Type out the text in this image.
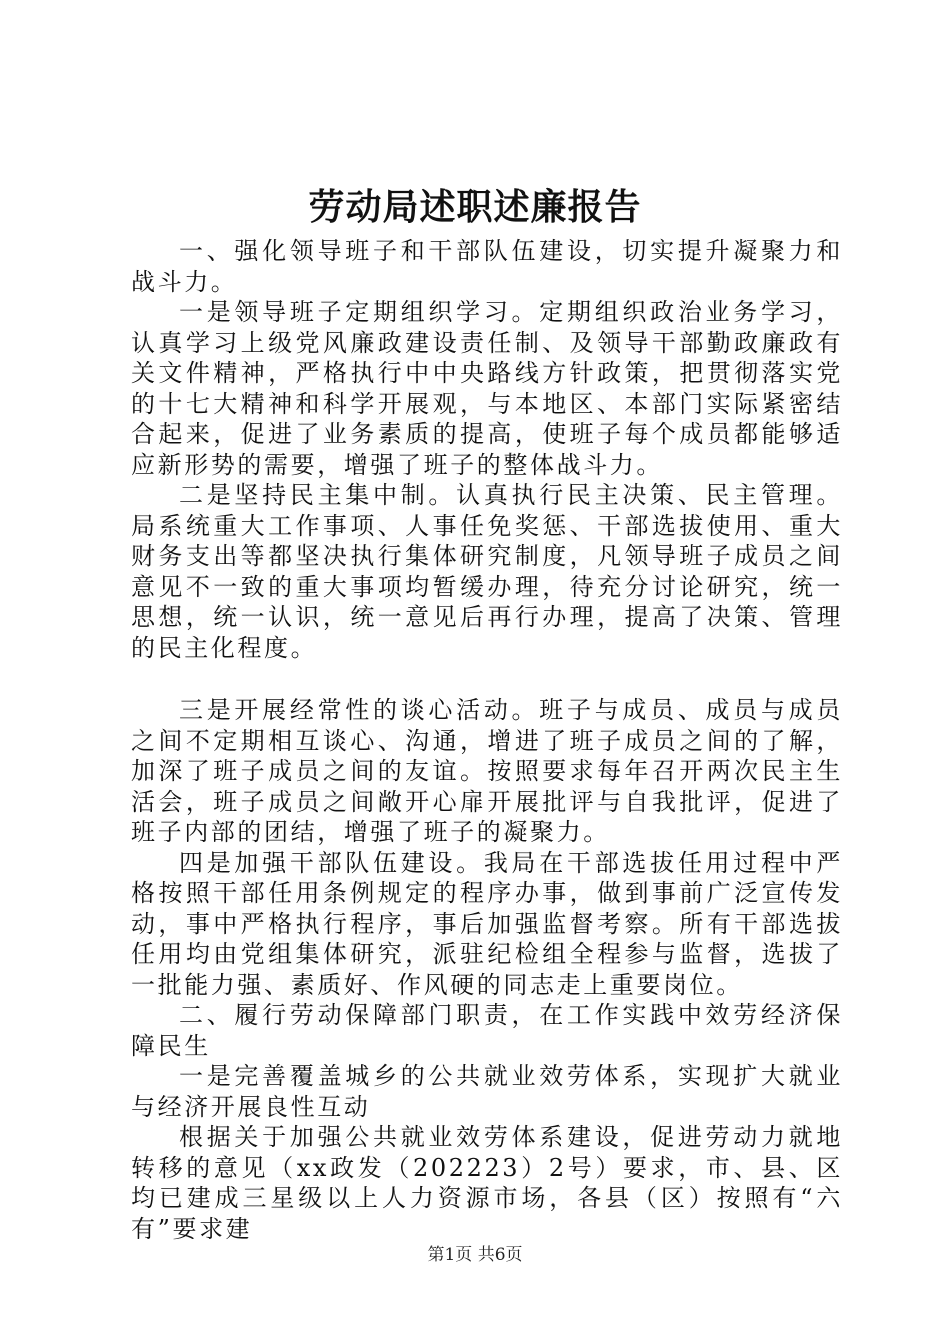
劳动局述职述廉报告

一、强化领导班子和干部队伍建设，切实提升凝聚力和战斗力。

一是领导班子定期组织学习。定期组织政治业务学习，认真学习上级党风廉政建设责任制、及领导干部勤政廉政有关文件精神，严格执行中中央路线方针政策，把贯彻落实党的十七大精神和科学开展观，与本地区、本部门实际紧密结合起来，促进了业务素质的提高，使班子每个成员都能够适应新形势的需要，增强了班子的整体战斗力。

二是坚持民主集中制。认真执行民主决策、民主管理。局系统重大工作事项、人事任免奖惩、干部选拔使用、重大财务支出等都坚决执行集体研究制度，凡领导班子成员之间意见不一致的重大事项均暂缓办理，待充分讨论研究，统一思想，统一认识，统一意见后再行办理，提高了决策、管理的民主化程度。

三是开展经常性的谈心活动。班子与成员、成员与成员之间不定期相互谈心、沟通，增进了班子成员之间的了解，加深了班子成员之间的友谊。按照要求每年召开两次民主生活会，班子成员之间敞开心扉开展批评与自我批评，促进了班子内部的团结，增强了班子的凝聚力。

四是加强干部队伍建设。我局在干部选拔任用过程中严格按照干部任用条例规定的程序办事，做到事前广泛宣传发动，事中严格执行程序，事后加强监督考察。所有干部选拔任用均由党组集体研究，派驻纪检组全程参与监督，选拔了一批能力强、素质好、作风硬的同志走上重要岗位。

二、履行劳动保障部门职责，在工作实践中效劳经济保障民生

一是完善覆盖城乡的公共就业效劳体系，实现扩大就业与经济开展良性互动

根据关于加强公共就业效劳体系建设，促进劳动力就地转移的意见（xx政发（202223）2号）要求，市、县、区均已建成三星级以上人力资源市场，各县（区）按照有“六有”要求建

第1页 共6页
